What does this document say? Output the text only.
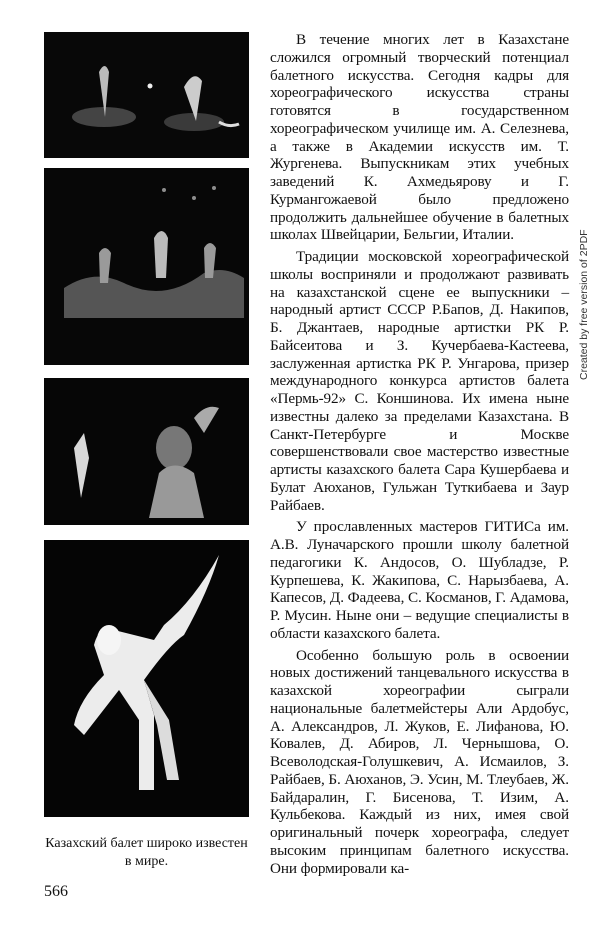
Казахский балет широко известен в мире.
566

В течение многих лет в Казахстане сложился огромный творческий потенциал балетного искусства. Сегодня кадры для хореографического искусства страны готовятся в государственном хореографическом училище им. А. Селезнева, а также в Академии искусств им. Т. Жургенева. Выпускникам этих учебных заведений К. Ахмедьярову и Г. Курмангожаевой было предложено продолжить дальнейшее обучение в балетных школах Швейцарии, Бельгии, Италии.

Традиции московской хореографической школы восприняли и продолжают развивать на казахстанской сцене ее выпускники – народный артист СССР Р.Бапов, Д. Накипов, Б. Джантаев, народные артистки РК Р. Байсеитова и З. Кучербаева-Кастеева, заслуженная артистка РК Р. Унгарова, призер международного конкурса артистов балета «Пермь-92» С. Коншинова. Их имена ныне известны далеко за пределами Казахстана. В Санкт-Петербурге и Москве совершенствовали свое мастерство известные артисты казахского балета Сара Кушербаева и Булат Аюханов, Гульжан Туткибаева и Заур Райбаев.

У прославленных мастеров ГИТИСа им. А.В. Луначарского прошли школу балетной педагогики К. Андосов, О. Шубладзе, Р. Курпешева, К. Жакипова, С. Нарызбаева, А. Капесов, Д. Фадеева, С. Косманов, Г. Адамова, Р. Мусин. Ныне они – ведущие специалисты в области казахского балета.

Особенно большую роль в освоении новых достижений танцевального искусства в казахской хореографии сыграли национальные балетмейстеры Али Ардобус, А. Александров, Л. Жуков, Е. Лифанова, Ю. Ковалев, Д. Абиров, Л. Чернышова, О. Всеволодская-Голушкевич, А. Исмаилов, З. Райбаев, Б. Аюханов, Э. Усин, М. Тлеубаев, Ж. Байдаралин, Г. Бисенова, Т. Изим, А. Кульбекова. Каждый из них, имея свой оригинальный почерк хореографа, следует высоким принципам балетного искусства. Они формировали ка-

Created by free version of 2PDF
